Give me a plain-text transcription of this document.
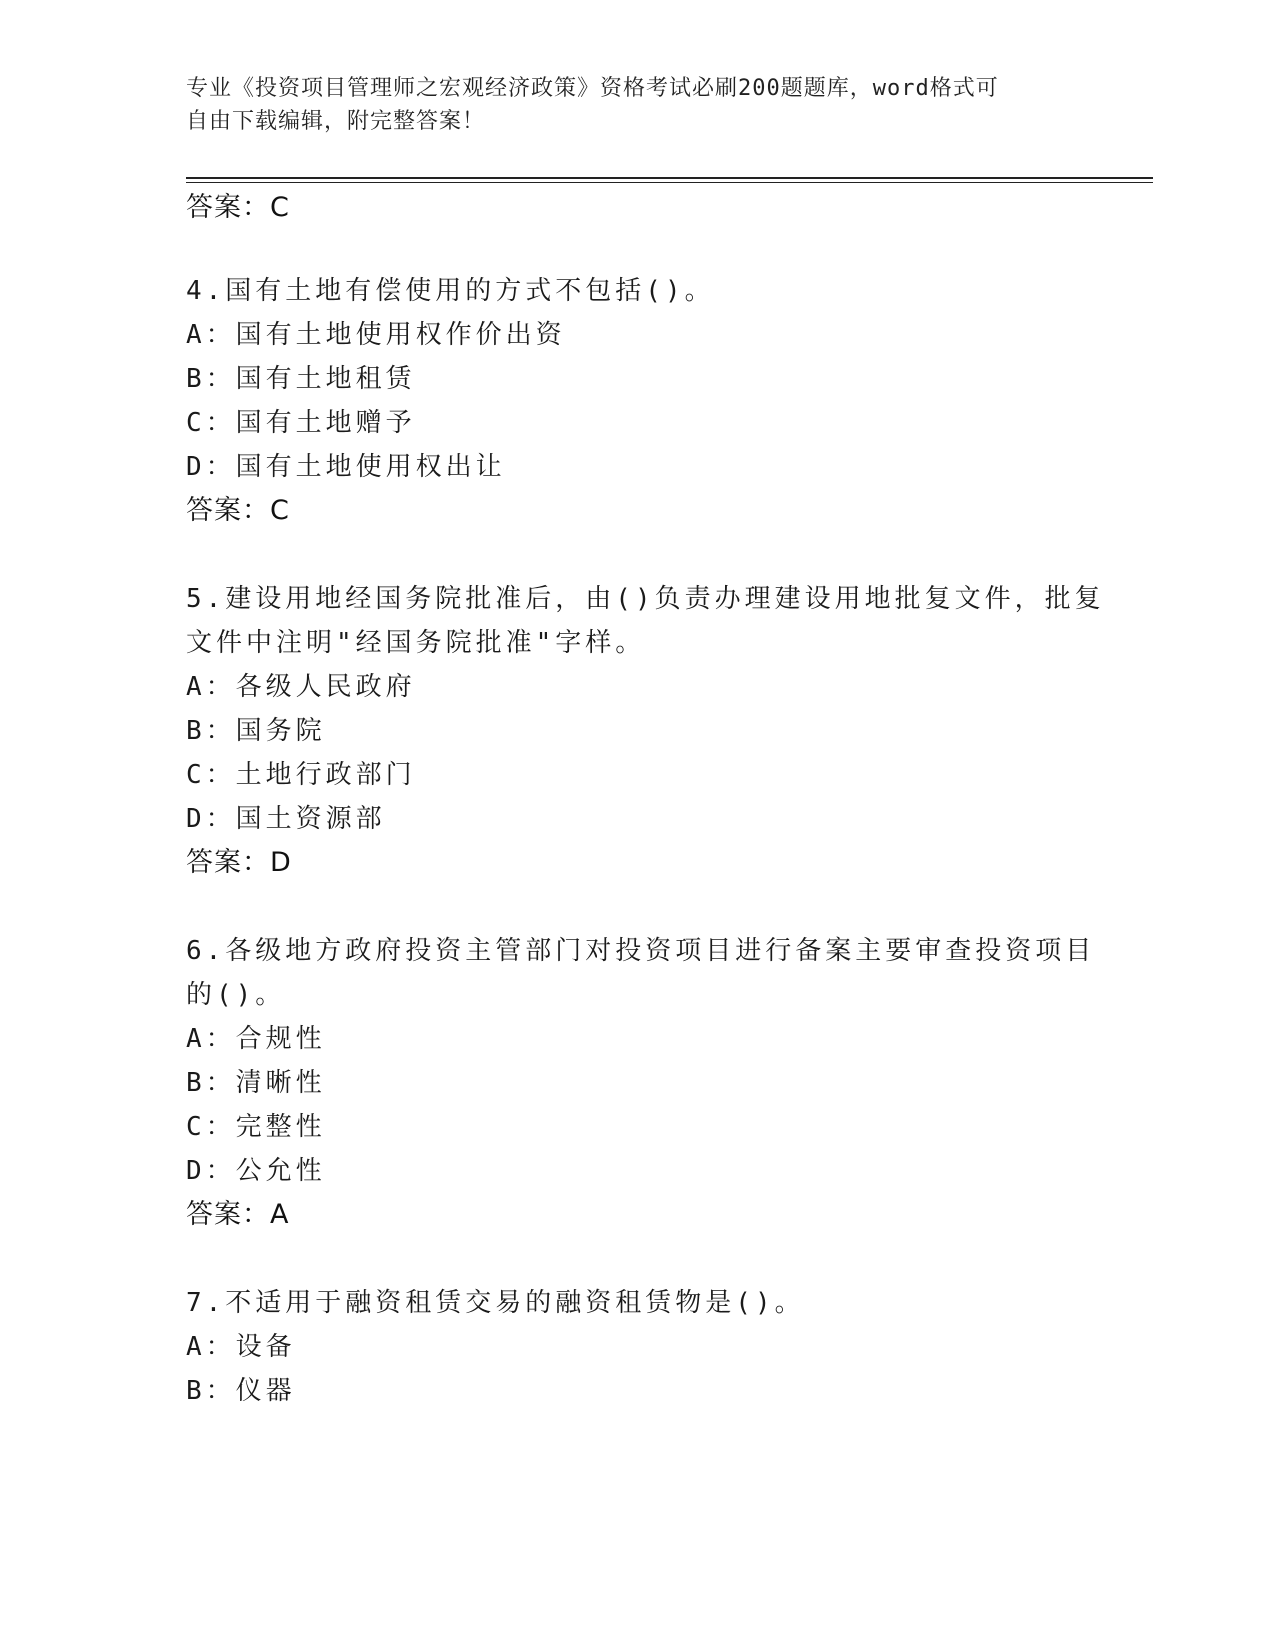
专业《投资项目管理师之宏观经济政策》资格考试必刷200题题库，word格式可
自由下载编辑，附完整答案！
答案：C
4.国有土地有偿使用的方式不包括()。
A：国有土地使用权作价出资
B：国有土地租赁
C：国有土地赠予
D：国有土地使用权出让
答案：C
5.建设用地经国务院批准后，由()负责办理建设用地批复文件，批复
文件中注明"经国务院批准"字样。
A：各级人民政府
B：国务院
C：土地行政部门
D：国土资源部
答案：D
6.各级地方政府投资主管部门对投资项目进行备案主要审查投资项目
的()。
A：合规性
B：清晰性
C：完整性
D：公允性
答案：A
7.不适用于融资租赁交易的融资租赁物是()。
A：设备
B：仪器
